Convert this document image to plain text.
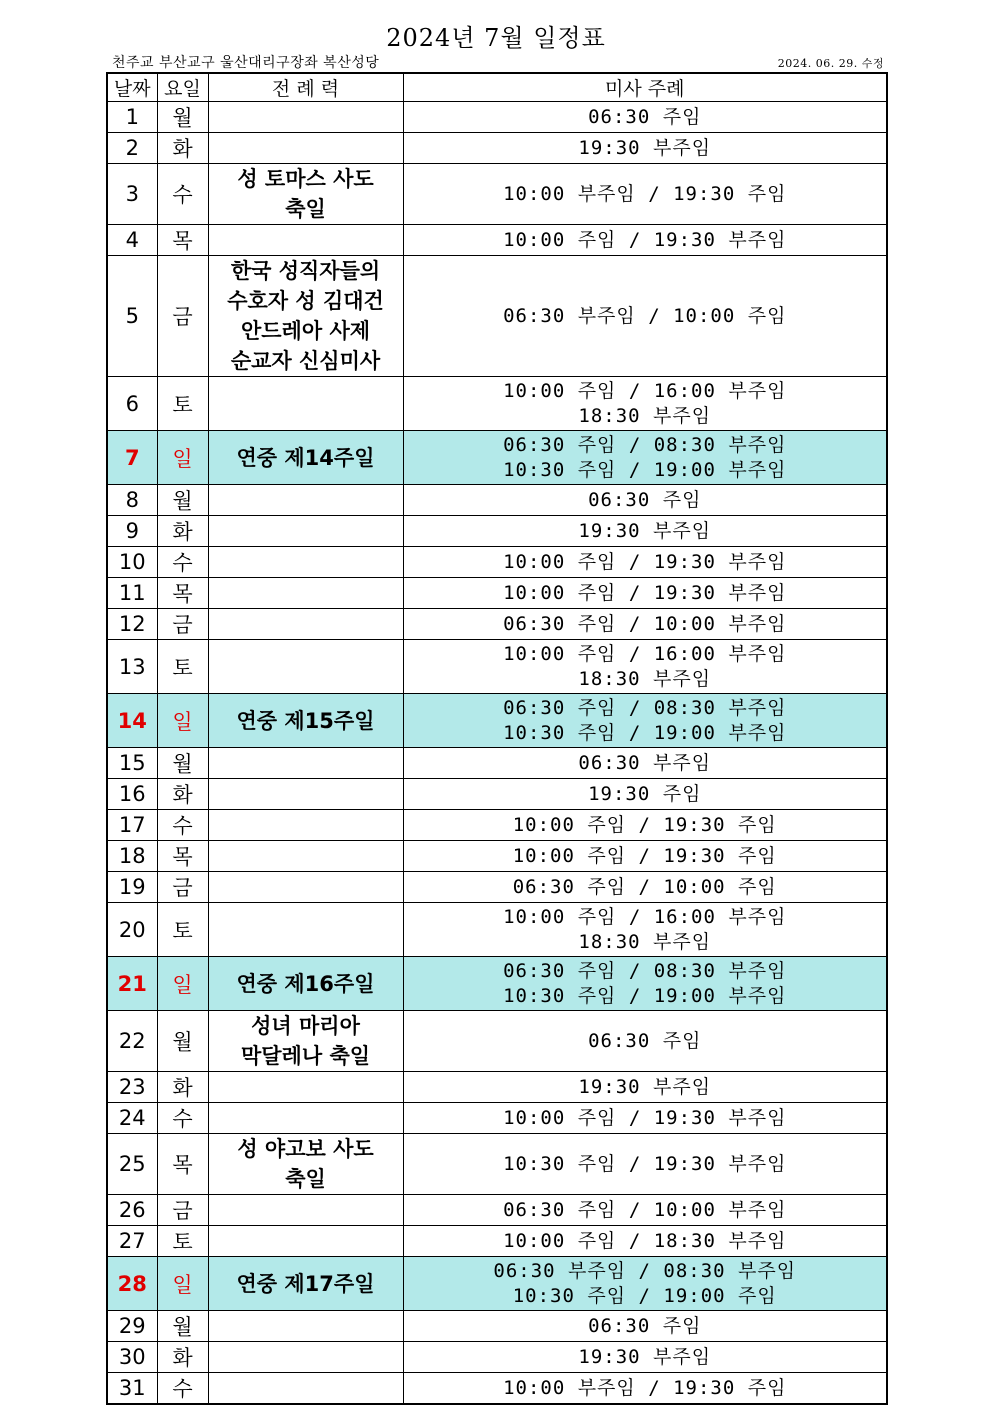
2024년 7월 일정표
천주교 부산교구 울산대리구장좌 복산성당	2024. 06. 29. 수정
날짜	요일	전 례 력	미사 주례
1	월		06:30 주임

2	화		19:30 부주임

3	수	성 토마스 사도
축일	10:00 부주임 / 19:30 주임

4	목		10:00 주임 / 19:30 부주임

5	금	한국 성직자들의
수호자 성 김대건
안드레아 사제
순교자 신심미사	06:30 부주임 / 10:00 주임

6	토		10:00 주임 / 16:00 부주임
18:30 부주임

7	일	연중 제14주일	06:30 주임 / 08:30 부주임
10:30 주임 / 19:00 부주임

8	월		06:30 주임

9	화		19:30 부주임

10	수		10:00 주임 / 19:30 부주임

11	목		10:00 주임 / 19:30 부주임

12	금		06:30 주임 / 10:00 부주임

13	토		10:00 주임 / 16:00 부주임
18:30 부주임

14	일	연중 제15주일	06:30 주임 / 08:30 부주임
10:30 주임 / 19:00 부주임

15	월		06:30 부주임

16	화		19:30 주임

17	수		10:00 주임 / 19:30 주임

18	목		10:00 주임 / 19:30 주임

19	금		06:30 주임 / 10:00 주임

20	토		10:00 주임 / 16:00 부주임
18:30 부주임

21	일	연중 제16주일	06:30 주임 / 08:30 부주임
10:30 주임 / 19:00 부주임

22	월	성녀 마리아
막달레나 축일	06:30 주임

23	화		19:30 부주임

24	수		10:00 주임 / 19:30 부주임

25	목	성 야고보 사도
축일	10:30 주임 / 19:30 부주임

26	금		06:30 주임 / 10:00 부주임

27	토		10:00 주임 / 18:30 부주임

28	일	연중 제17주일	06:30 부주임 / 08:30 부주임
10:30 주임 / 19:00 주임

29	월		06:30 주임

30	화		19:30 부주임

31	수		10:00 부주임 / 19:30 주임
